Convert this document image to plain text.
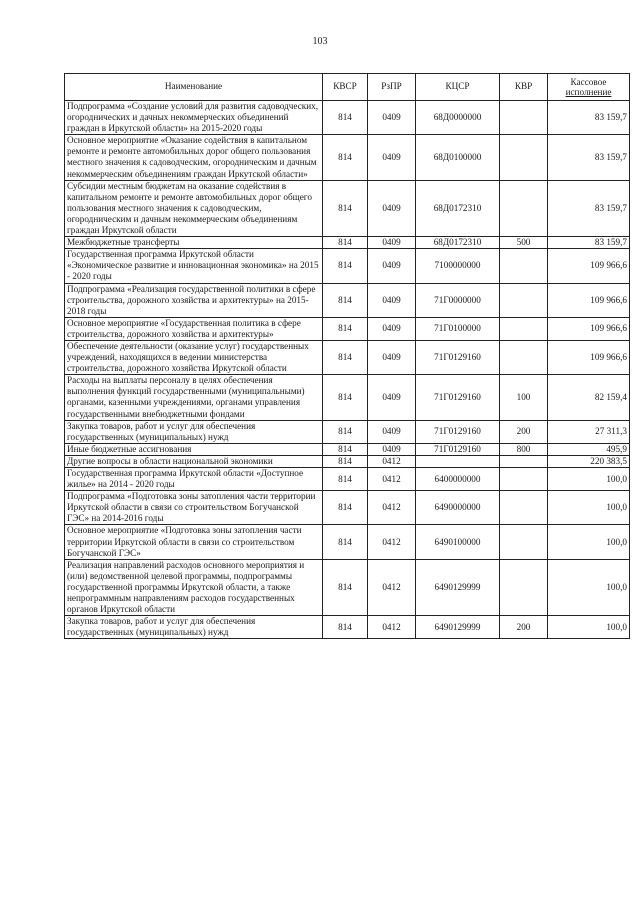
103
Наименование	КВСР	РзПР	КЦСР	КВР	Кассовое
исполнение

Подпрограмма «Создание условий для развития садоводческих, огороднических и дачных некоммерческих объединений граждан в Иркутской области» на 2015-2020 годы	814	0409	68Д0000000		83 159,7
Основное мероприятие «Оказание содействия в капитальном ремонте и ремонте автомобильных дорог общего пользования местного значения к садоводческим, огородническим и дачным некоммерческим объединениям граждан Иркутской области»	814	0409	68Д0100000		83 159,7
Субсидии местным бюджетам на оказание содействия в капитальном ремонте и ремонте автомобильных дорог общего пользования местного значения к садоводческим, огородническим и дачным некоммерческим объединениям граждан Иркутской области	814	0409	68Д0172310		83 159,7
Межбюджетные трансферты	814	0409	68Д0172310	500	83 159,7
Государственная программа Иркутской области «Экономическое развитие и инновационная экономика» на 2015 - 2020 годы	814	0409	7100000000		109 966,6
Подпрограмма «Реализация государственной политики в сфере строительства, дорожного хозяйства и архитектуры» на 2015-2018 годы	814	0409	71Г0000000		109 966,6
Основное мероприятие «Государственная политика в сфере строительства, дорожного хозяйства и архитектуры»	814	0409	71Г0100000		109 966,6
Обеспечение деятельности (оказание услуг) государственных учреждений, находящихся в ведении министерства строительства, дорожного хозяйства Иркутской области	814	0409	71Г0129160		109 966,6
Расходы на выплаты персоналу в целях обеспечения выполнения функций государственными (муниципальными) органами, казенными учреждениями, органами управления государственными внебюджетными фондами	814	0409	71Г0129160	100	82 159,4
Закупка товаров, работ и услуг для обеспечения государственных (муниципальных) нужд	814	0409	71Г0129160	200	27 311,3
Иные бюджетные ассигнования	814	0409	71Г0129160	800	495,9
Другие вопросы в области национальной экономики	814	0412			220 383,5
Государственная программа Иркутской области «Доступное жилье» на 2014 - 2020 годы	814	0412	6400000000		100,0
Подпрограмма «Подготовка зоны затопления части территории Иркутской области в связи со строительством Богучанской ГЭС» на 2014-2016 годы	814	0412	6490000000		100,0
Основное мероприятие «Подготовка зоны затопления части территории Иркутской области в связи со строительством Богучанской ГЭС»	814	0412	6490100000		100,0
Реализация направлений расходов основного мероприятия и (или) ведомственной целевой программы, подпрограммы государственной программы Иркутской области, а также непрограммным направлениям расходов государственных органов Иркутской области	814	0412	6490129999		100,0
Закупка товаров, работ и услуг для обеспечения государственных (муниципальных) нужд	814	0412	6490129999	200	100,0
